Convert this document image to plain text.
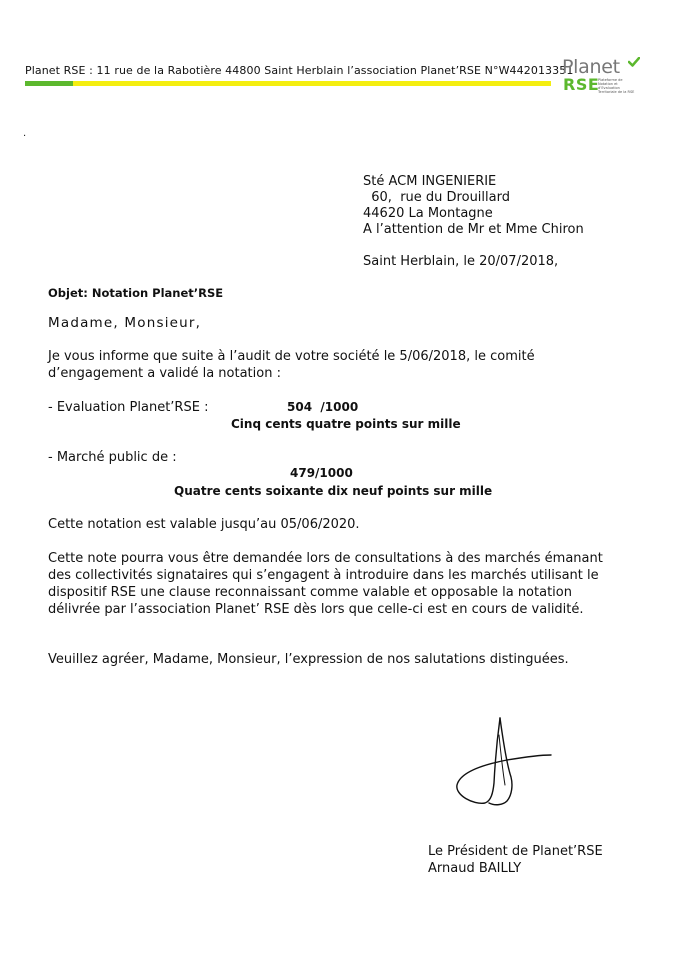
Planet RSE : 11 rue de la Rabotière 44800 Saint Herblain l’association Planet’RSE N°W442013351
Planet
RSE
Plateforme de Notation et d’Evaluation Territoriale de la RSE
.
Sté ACM INGENIERIE
60,  rue du Drouillard
44620 La Montagne
A l’attention de Mr et Mme Chiron
Saint Herblain, le 20/07/2018,
Objet: Notation Planet’RSE
Madame, Monsieur,
Je vous informe que suite à l’audit de votre société le 5/06/2018, le comité d’engagement a validé la notation :
- Evaluation Planet’RSE :	504  /1000
Cinq cents quatre points sur mille
- Marché public de :
479/1000
Quatre cents soixante dix neuf points sur mille
Cette notation est valable jusqu’au 05/06/2020.
Cette note pourra vous être demandée lors de consultations à des marchés émanant des collectivités signataires qui s’engagent à introduire dans les marchés utilisant le dispositif RSE une clause reconnaissant comme valable et opposable la notation délivrée par l’association Planet’ RSE dès lors que celle-ci est en cours de validité.
Veuillez agréer, Madame, Monsieur, l’expression de nos salutations distinguées.
Le Président de Planet’RSE
Arnaud BAILLY
